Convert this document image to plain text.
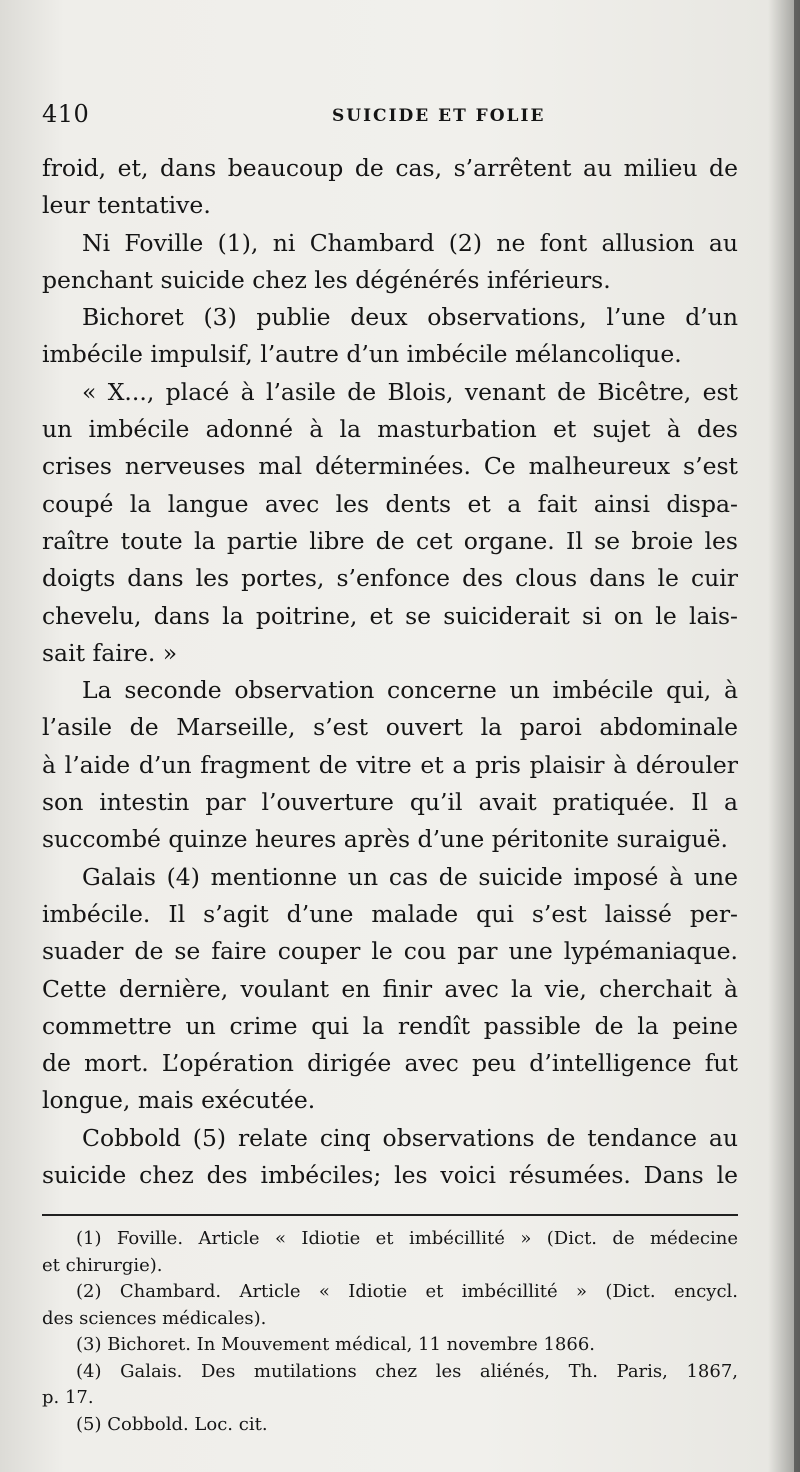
410	SUICIDE ET FOLIE
froid, et, dans beaucoup de cas, s’arrêtent au milieu de
leur tentative.
Ni Foville (1), ni Chambard (2) ne font allusion au
penchant suicide chez les dégénérés inférieurs.
Bichoret (3) publie deux observations, l’une d’un
imbécile impulsif, l’autre d’un imbécile mélancolique.
« X..., placé à l’asile de Blois, venant de Bicêtre, est
un imbécile adonné à la masturbation et sujet à des
crises nerveuses mal déterminées. Ce malheureux s’est
coupé la langue avec les dents et a fait ainsi dispa-
raître toute la partie libre de cet organe. Il se broie les
doigts dans les portes, s’enfonce des clous dans le cuir
chevelu, dans la poitrine, et se suiciderait si on le lais-
sait faire. »
La seconde observation concerne un imbécile qui, à
l’asile de Marseille, s’est ouvert la paroi abdominale
à l’aide d’un fragment de vitre et a pris plaisir à dérouler
son intestin par l’ouverture qu’il avait pratiquée. Il a
succombé quinze heures après d’une péritonite suraiguë.
Galais (4) mentionne un cas de suicide imposé à une
imbécile. Il s’agit d’une malade qui s’est laissé per-
suader de se faire couper le cou par une lypémaniaque.
Cette dernière, voulant en finir avec la vie, cherchait à
commettre un crime qui la rendît passible de la peine
de mort. L’opération dirigée avec peu d’intelligence fut
longue, mais exécutée.
Cobbold (5) relate cinq observations de tendance au
suicide chez des imbéciles; les voici résumées. Dans le
(1) Foville. Article « Idiotie et imbécillité » (Dict. de médecine
et chirurgie).
(2) Chambard. Article « Idiotie et imbécillité » (Dict. encycl.
des sciences médicales).
(3) Bichoret. In Mouvement médical, 11 novembre 1866.
(4) Galais. Des mutilations chez les aliénés, Th. Paris, 1867,
p. 17.
(5) Cobbold. Loc. cit.
